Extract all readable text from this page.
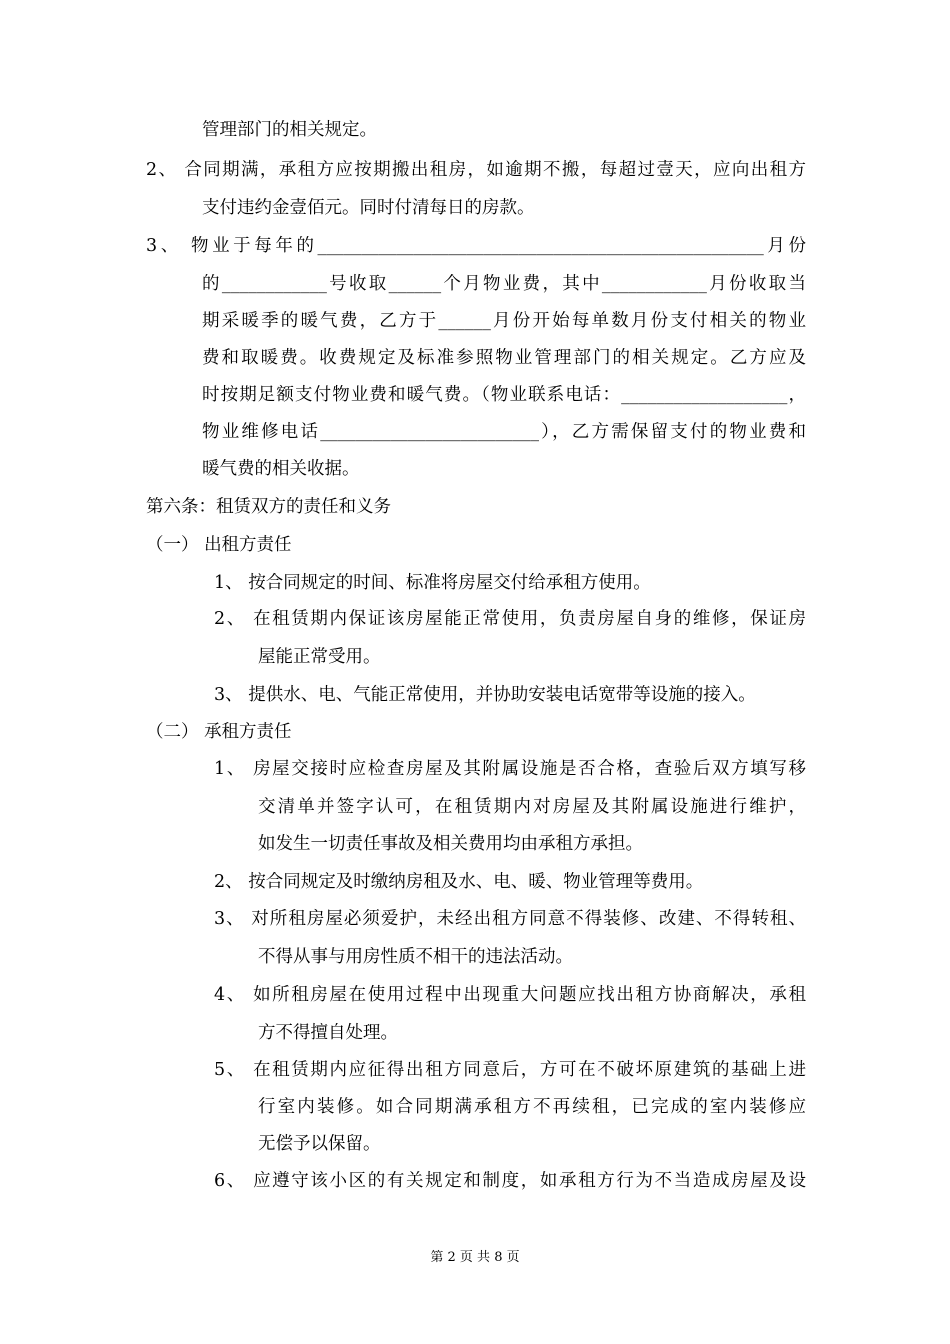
管理部门的相关规定。
2、 合同期满，承租方应按期搬出租房，如逾期不搬，每超过壹天，应向出租方
支付违约金壹佰元。同时付清每日的房款。
3、 物业于每年的___________________________________________________月份
的____________号收取______个月物业费，其中____________月份收取当
期采暖季的暖气费，乙方于______月份开始每单数月份支付相关的物业
费和取暖费。收费规定及标准参照物业管理部门的相关规定。乙方应及
时按期足额支付物业费和暖气费。（物业联系电话：___________________，
物业维修电话_________________________），乙方需保留支付的物业费和
暖气费的相关收据。
第六条：租赁双方的责任和义务
（一） 出租方责任
1、 按合同规定的时间、标准将房屋交付给承租方使用。
2、 在租赁期内保证该房屋能正常使用，负责房屋自身的维修，保证房
屋能正常受用。
3、 提供水、电、气能正常使用，并协助安装电话宽带等设施的接入。
（二） 承租方责任
1、 房屋交接时应检查房屋及其附属设施是否合格，查验后双方填写移
交清单并签字认可，在租赁期内对房屋及其附属设施进行维护，
如发生一切责任事故及相关费用均由承租方承担。
2、 按合同规定及时缴纳房租及水、电、暖、物业管理等费用。
3、 对所租房屋必须爱护，未经出租方同意不得装修、改建、不得转租、
不得从事与用房性质不相干的违法活动。
4、 如所租房屋在使用过程中出现重大问题应找出租方协商解决，承租
方不得擅自处理。
5、 在租赁期内应征得出租方同意后，方可在不破坏原建筑的基础上进
行室内装修。如合同期满承租方不再续租，已完成的室内装修应
无偿予以保留。
6、 应遵守该小区的有关规定和制度，如承租方行为不当造成房屋及设
第 2 页 共 8 页
